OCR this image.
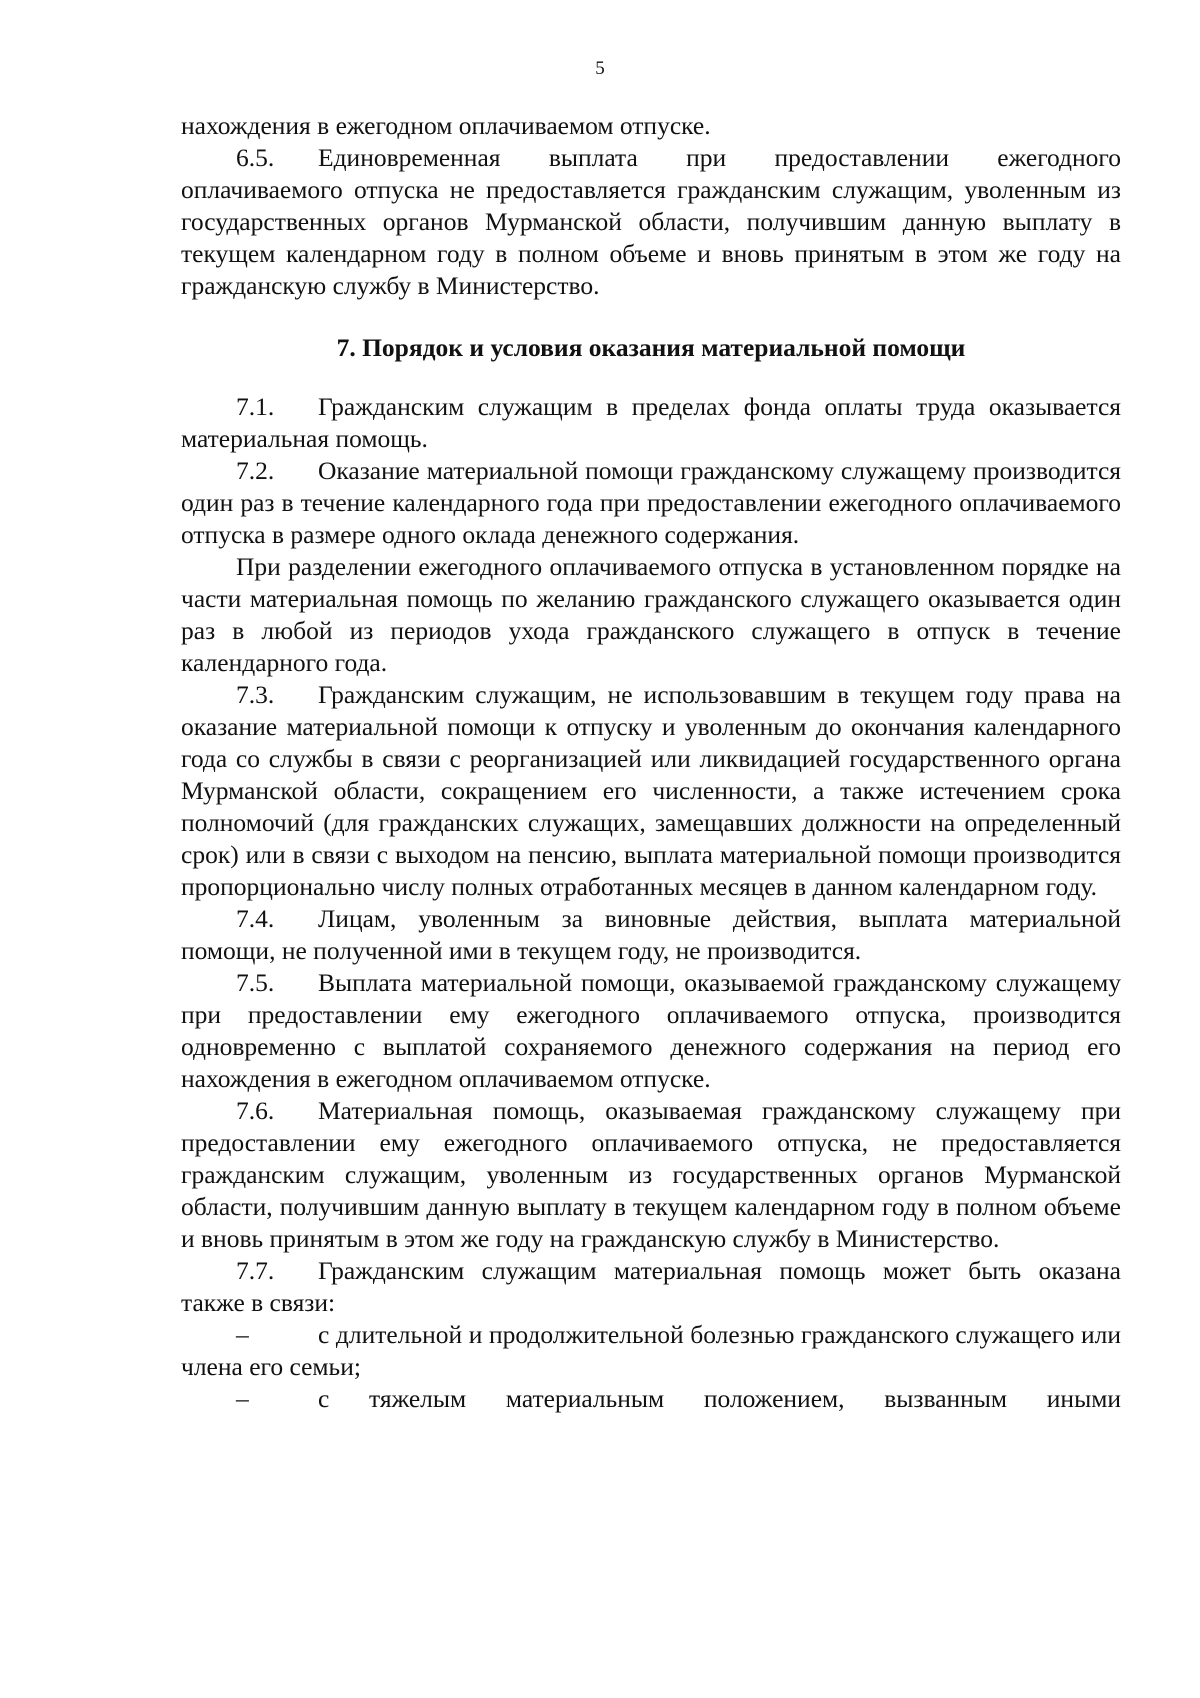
5

нахождения в ежегодном оплачиваемом отпуске.

6.5. Единовременная выплата при предоставлении ежегодного оплачиваемого отпуска не предоставляется гражданским служащим, уволенным из государственных органов Мурманской области, получившим данную выплату в текущем календарном году в полном объеме и вновь принятым в этом же году на гражданскую службу в Министерство.

7. Порядок и условия оказания материальной помощи

7.1. Гражданским служащим в пределах фонда оплаты труда оказывается материальная помощь.

7.2. Оказание материальной помощи гражданскому служащему производится один раз в течение календарного года при предоставлении ежегодного оплачиваемого отпуска в размере одного оклада денежного содержания.

При разделении ежегодного оплачиваемого отпуска в установленном порядке на части материальная помощь по желанию гражданского служащего оказывается один раз в любой из периодов ухода гражданского служащего в отпуск в течение календарного года.

7.3. Гражданским служащим, не использовавшим в текущем году права на оказание материальной помощи к отпуску и уволенным до окончания календарного года со службы в связи с реорганизацией или ликвидацией государственного органа Мурманской области, сокращением его численности, а также истечением срока полномочий (для гражданских служащих, замещавших должности на определенный срок) или в связи с выходом на пенсию, выплата материальной помощи производится пропорционально числу полных отработанных месяцев в данном календарном году.

7.4. Лицам, уволенным за виновные действия, выплата материальной помощи, не полученной ими в текущем году, не производится.

7.5. Выплата материальной помощи, оказываемой гражданскому служащему при предоставлении ему ежегодного оплачиваемого отпуска, производится одновременно с выплатой сохраняемого денежного содержания на период его нахождения в ежегодном оплачиваемом отпуске.

7.6. Материальная помощь, оказываемая гражданскому служащему при предоставлении ему ежегодного оплачиваемого отпуска, не предоставляется гражданским служащим, уволенным из государственных органов Мурманской области, получившим данную выплату в текущем календарном году в полном объеме и вновь принятым в этом же году на гражданскую службу в Министерство.

7.7. Гражданским служащим материальная помощь может быть оказана также в связи:

–	с длительной и продолжительной болезнью гражданского служащего или члена его семьи;

–	с тяжелым материальным положением, вызванным иными
